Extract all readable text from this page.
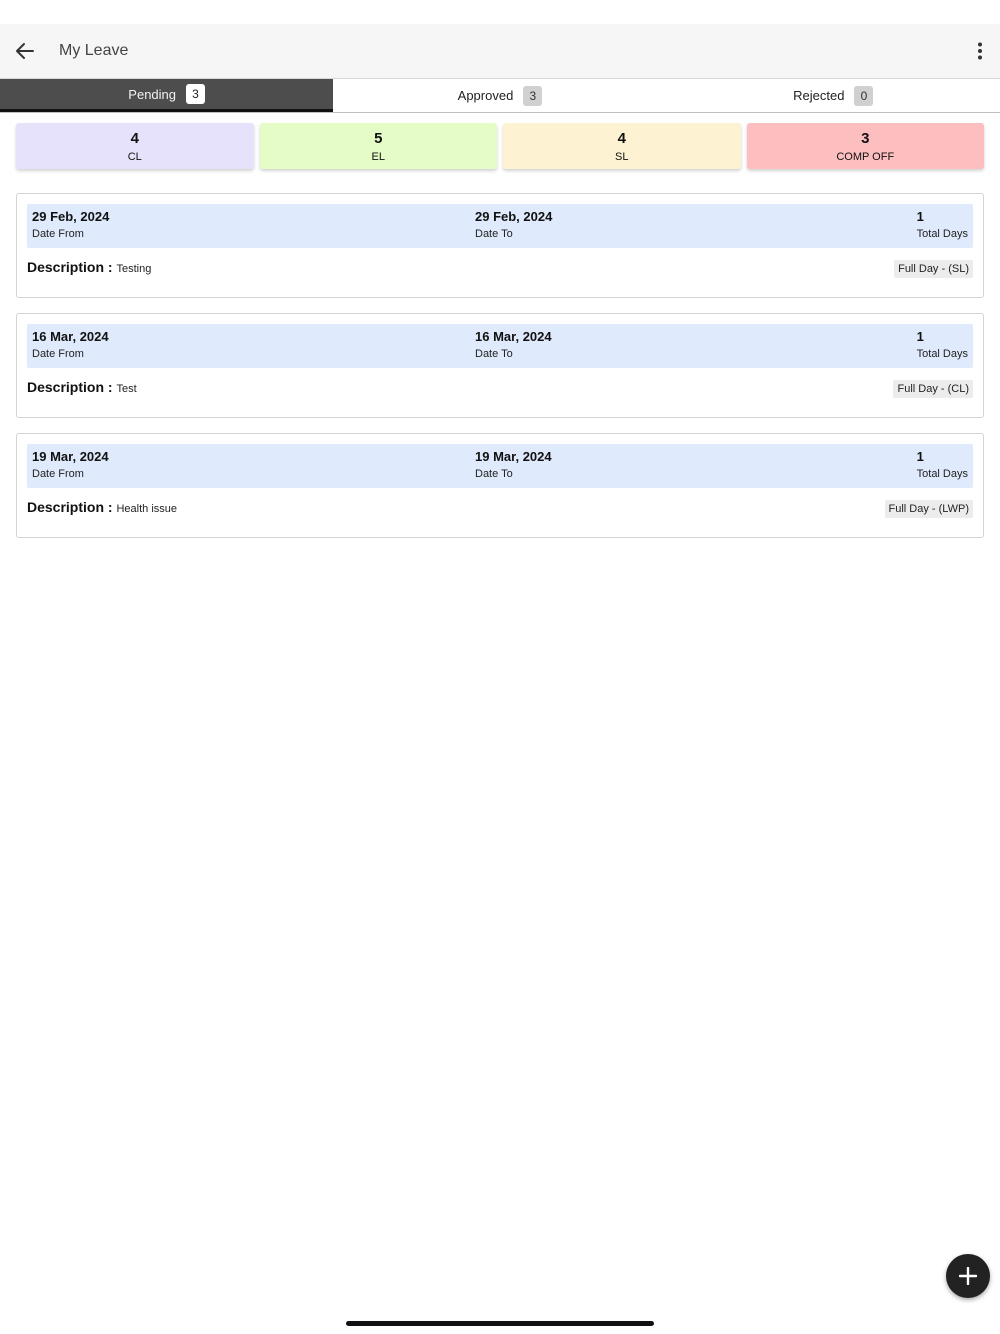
My Leave
Pending	3	Approved	3	Rejected	0
4
CL
5
EL
4
SL
3
COMP OFF
29 Feb, 2024
Date From
29 Feb, 2024
Date To
1
Total Days
Description : Testing	Full Day - (SL)
16 Mar, 2024
Date From
16 Mar, 2024
Date To
1
Total Days
Description : Test	Full Day - (CL)
19 Mar, 2024
Date From
19 Mar, 2024
Date To
1
Total Days
Description : Health issue	Full Day - (LWP)
